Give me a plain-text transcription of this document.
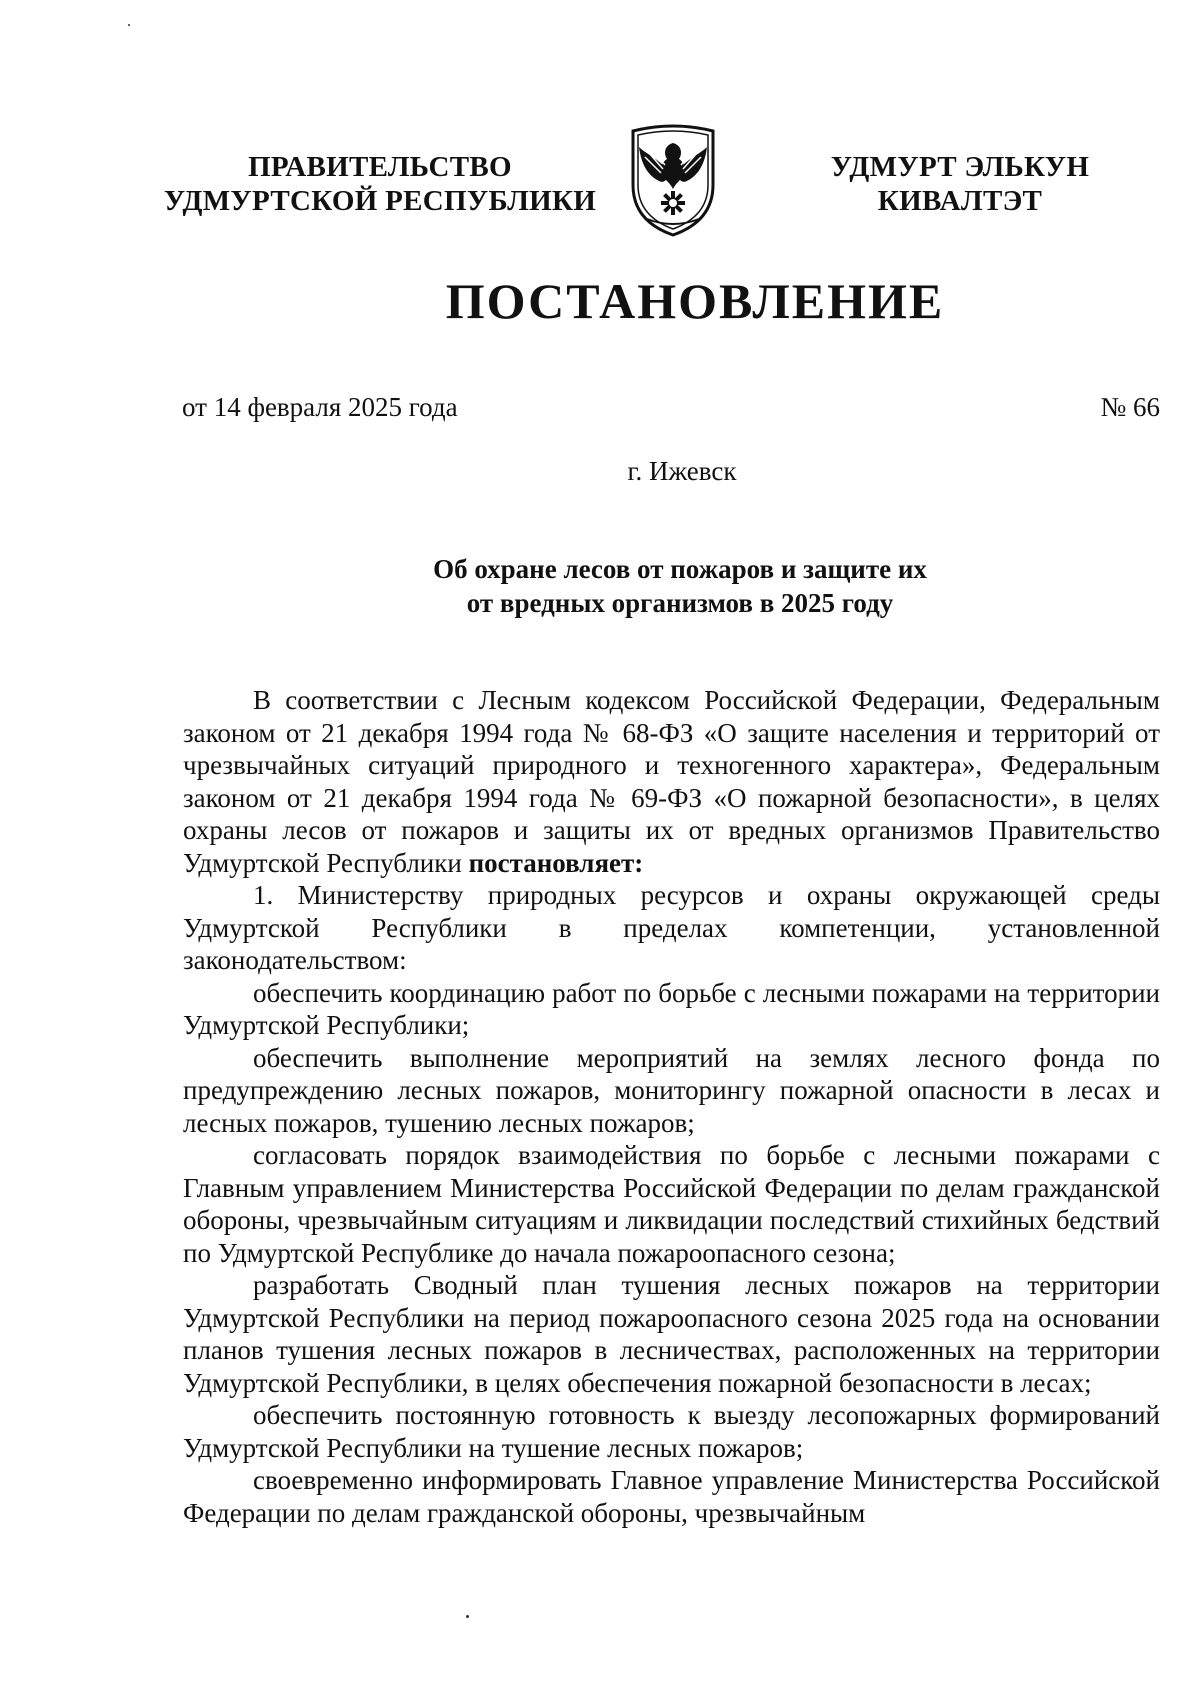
ПРАВИТЕЛЬСТВО
УДМУРТСКОЙ РЕСПУБЛИКИ
УДМУРТ ЭЛЬКУН
КИВАЛТЭТ
ПОСТАНОВЛЕНИЕ
от 14 февраля 2025 года	№ 66
г. Ижевск
Об охране лесов от пожаров и защите их
от вредных организмов в 2025 году

В соответствии с Лесным кодексом Российской Федерации, Федеральным законом от 21 декабря 1994 года № 68-ФЗ «О защите населения и территорий от чрезвычайных ситуаций природного и техногенного характера», Федеральным законом от 21 декабря 1994 года № 69-ФЗ «О пожарной безопасности», в целях охраны лесов от пожаров и защиты их от вредных организмов Правительство Удмуртской Республики постановляет:

1. Министерству природных ресурсов и охраны окружающей среды Удмуртской Республики в пределах компетенции, установленной законодательством:

обеспечить координацию работ по борьбе с лесными пожарами на территории Удмуртской Республики;

обеспечить выполнение мероприятий на землях лесного фонда по предупреждению лесных пожаров, мониторингу пожарной опасности в лесах и лесных пожаров, тушению лесных пожаров;

согласовать порядок взаимодействия по борьбе с лесными пожарами с Главным управлением Министерства Российской Федерации по делам гражданской обороны, чрезвычайным ситуациям и ликвидации последствий стихийных бедствий по Удмуртской Республике до начала пожароопасного сезона;

разработать Сводный план тушения лесных пожаров на территории Удмуртской Республики на период пожароопасного сезона 2025 года на основании планов тушения лесных пожаров в лесничествах, расположенных на территории Удмуртской Республики, в целях обеспечения пожарной безопасности в лесах;

обеспечить постоянную готовность к выезду лесопожарных формирований Удмуртской Республики на тушение лесных пожаров;

своевременно информировать Главное управление Министерства Российской Федерации по делам гражданской обороны, чрезвычайным
